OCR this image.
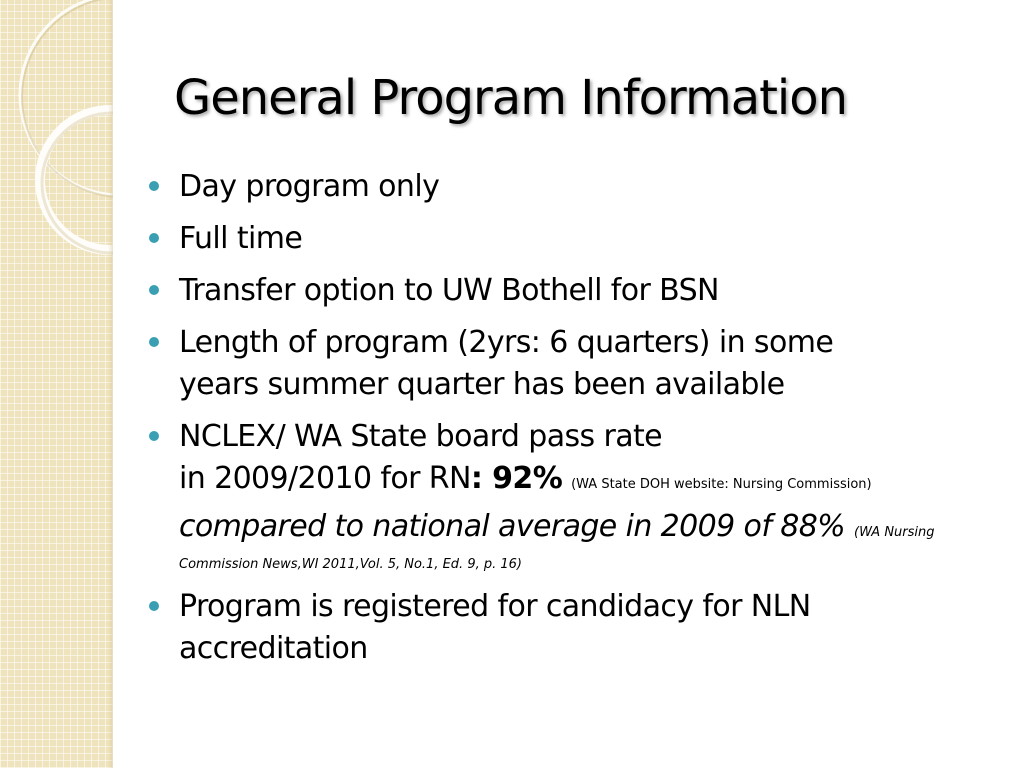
General Program Information
Day program only
Full time
Transfer option to UW Bothell for BSN
Length of program (2yrs: 6 quarters) in some
years summer quarter has been available
NCLEX/ WA State board pass rate
in 2009/2010 for RN: 92% (WA State DOH website: Nursing Commission)
compared to national average in 2009 of 88% (WA Nursing
Commission News,WI 2011,Vol. 5, No.1, Ed. 9, p. 16)
Program is registered for candidacy for NLN
accreditation
